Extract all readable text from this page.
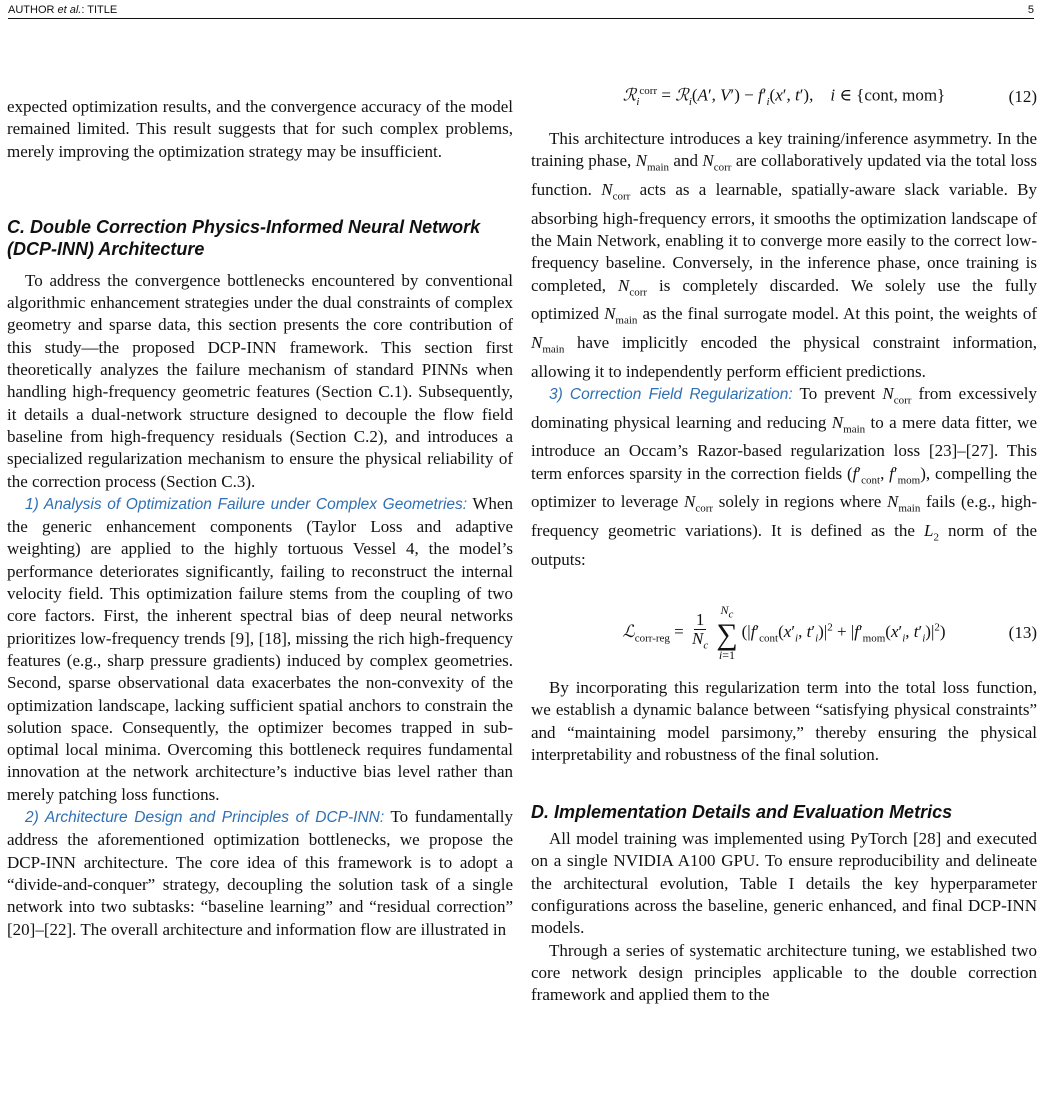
AUTHOR et al.: TITLE	5

expected optimization results, and the convergence accuracy of the model remained limited. This result suggests that for such complex problems, merely improving the optimization strategy may be insufficient.

C. Double Correction Physics-Informed Neural Network (DCP-INN) Architecture

To address the convergence bottlenecks encountered by conventional algorithmic enhancement strategies under the dual constraints of complex geometry and sparse data, this section presents the core contribution of this study—the proposed DCP-INN framework. This section first theoretically analyzes the failure mechanism of standard PINNs when handling high-frequency geometric features (Section C.1). Subsequently, it details a dual-network structure designed to decouple the flow field baseline from high-frequency residuals (Section C.2), and introduces a specialized regularization mechanism to ensure the physical reliability of the correction process (Section C.3).

1) Analysis of Optimization Failure under Complex Geometries: When the generic enhancement components (Taylor Loss and adaptive weighting) are applied to the highly tortuous Vessel 4, the model’s performance deteriorates significantly, failing to reconstruct the internal velocity field. This optimization failure stems from the coupling of two core factors. First, the inherent spectral bias of deep neural networks prioritizes low-frequency trends [9], [18], missing the rich high-frequency features (e.g., sharp pressure gradients) induced by complex geometries. Second, sparse observational data exacerbates the non-convexity of the optimization landscape, lacking sufficient spatial anchors to constrain the solution space. Consequently, the optimizer becomes trapped in sub-optimal local minima. Overcoming this bottleneck requires fundamental innovation at the network architecture’s inductive bias level rather than merely patching loss functions.

2) Architecture Design and Principles of DCP-INN: To fundamentally address the aforementioned optimization bottlenecks, we propose the DCP-INN architecture. The core idea of this framework is to adopt a “divide-and-conquer” strategy, decoupling the solution task of a single network into two subtasks: “baseline learning” and “residual correction” [20]–[22]. The overall architecture and information flow are illustrated in

ℛ$_i^{corr}$ = ℛ$_i$(A′, $V') - f'_i(x'$, t′),    i ∈ {cont, mom}	(12)

This architecture introduces a key training/inference asymmetry. In the training phase, $N_{main}$ and $N_{corr}$ are collaboratively updated via the total loss function. $N_{corr}$ acts as a learnable, spatially-aware slack variable. By absorbing high-frequency errors, it smooths the optimization landscape of the Main Network, enabling it to converge more easily to the correct low-frequency baseline. Conversely, in the inference phase, once training is completed, $N_{corr}$ is completely discarded. We solely use the fully optimized $N_{main}$ as the final surrogate model. At this point, the weights of $N_{main}$ have implicitly encoded the physical constraint information, allowing it to independently perform efficient predictions.

3) Correction Field Regularization: To prevent $N_{corr}$ from excessively dominating physical learning and reducing $N_{main}$ to a mere data fitter, we introduce an Occam’s Razor-based regularization loss [23]–[27]. This term enforces sparsity in the correction fields ($f'_{cont}$, $f'_{mom}$), compelling the optimizer to leverage $N_{corr}$ solely in regions where $N_{main}$ fails (e.g., high-frequency geometric variations). It is defined as the $L_2$ norm of the outputs:

ℒ$_{corr-reg}$ = $\frac{1}{N_c}$
$N_c$
∑
i=1
($|f'_{cont}(x'_i$, $t'_i)|^2 + |f'_{mom}(x'_i$, $t'_i)|^2$)	(13)

By incorporating this regularization term into the total loss function, we establish a dynamic balance between “satisfying physical constraints” and “maintaining model parsimony,” thereby ensuring the physical interpretability and robustness of the final solution.

D. Implementation Details and Evaluation Metrics

All model training was implemented using PyTorch [28] and executed on a single NVIDIA A100 GPU. To ensure reproducibility and delineate the architectural evolution, Table I details the key hyperparameter configurations across the baseline, generic enhanced, and final DCP-INN models.

Through a series of systematic architecture tuning, we established two core network design principles applicable to the double correction framework and applied them to the
